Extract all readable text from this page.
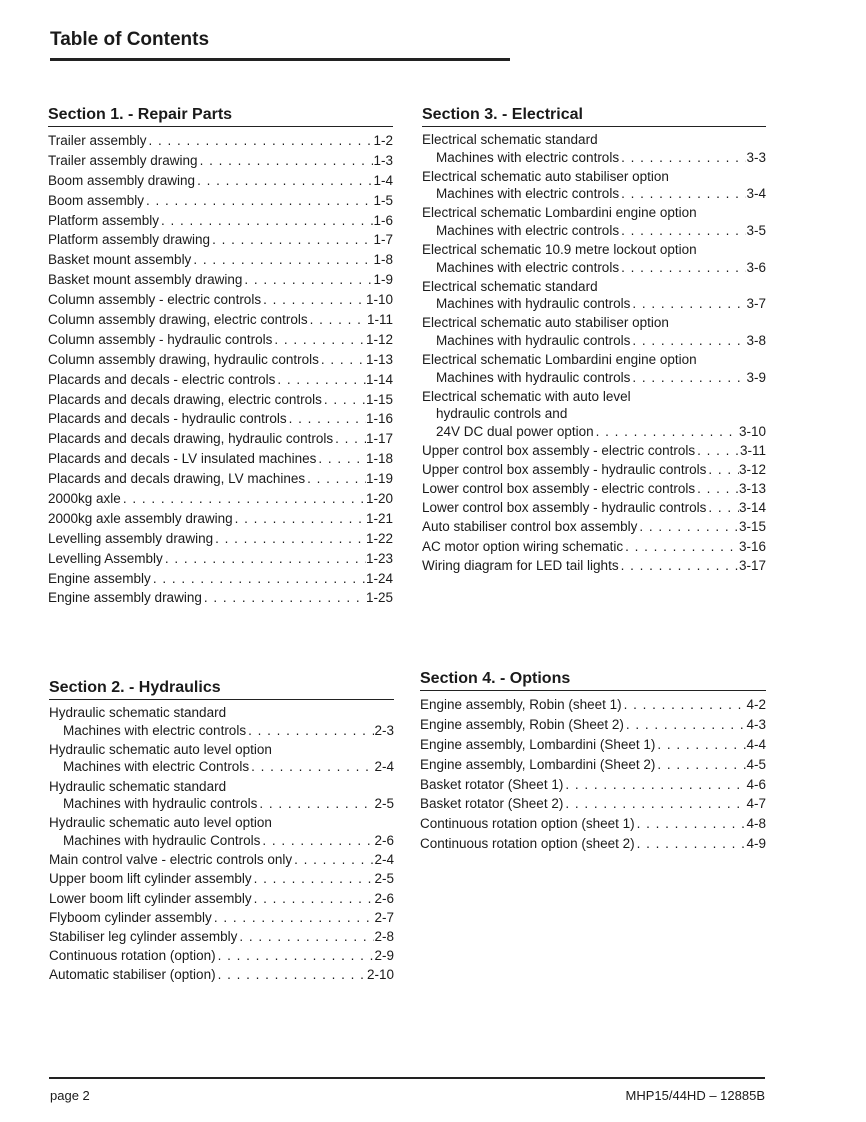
Table of Contents
Section 1. - Repair Parts
Trailer assembly . . .	1-2
Trailer assembly drawing . . .	1-3
Boom assembly drawing . . .	1-4
Boom assembly . . .	1-5
Platform assembly . . .	1-6
Platform assembly drawing . . .	1-7
Basket mount assembly . . .	1-8
Basket mount assembly drawing . . .	1-9
Column assembly - electric controls . . .	1-10
Column assembly drawing, electric controls . . .	1-11
Column assembly - hydraulic controls . . .	1-12
Column assembly drawing, hydraulic controls . . .	1-13
Placards and decals - electric controls . . .	1-14
Placards and decals drawing, electric controls . . .	1-15
Placards and decals - hydraulic controls . . .	1-16
Placards and decals drawing, hydraulic controls . . . 1-17
Placards and decals - LV insulated machines . . .	1-18
Placards and decals drawing, LV machines . . .	1-19
2000kg axle . . .	1-20
2000kg axle assembly drawing . . .	1-21
Levelling assembly drawing . . .	1-22
Levelling Assembly . . .	1-23
Engine assembly . . .	1-24
Engine assembly drawing . . .	1-25
Section 3. - Electrical
Electrical schematic standard
Machines with electric controls . . .	3-3
Electrical schematic auto stabiliser option
Machines with electric controls . . .	3-4
Electrical schematic Lombardini engine option
Machines with electric controls . . .	3-5
Electrical schematic 10.9 metre lockout option
Machines with electric controls . . .	3-6
Electrical schematic standard
Machines with hydraulic controls . . .	3-7
Electrical schematic auto stabiliser option
Machines with hydraulic controls . . .	3-8
Electrical schematic Lombardini engine option
Machines with hydraulic controls . . .	3-9
Electrical schematic with auto level
hydraulic controls and
24V DC dual power option . . .	3-10
Upper control box assembly - electric controls . . .	3-11
Upper control box assembly - hydraulic controls . . . 3-12
Lower control box assembly - electric controls . . .	3-13
Lower control box assembly - hydraulic controls . . . 3-14
Auto stabiliser control box assembly . . .	3-15
AC motor option wiring schematic . . .	3-16
Wiring diagram for LED tail lights . . .	3-17
Section 2. - Hydraulics
Hydraulic schematic standard
Machines with electric controls . . .	2-3
Hydraulic schematic auto level option
Machines with electric Controls . . .	2-4
Hydraulic schematic standard
Machines with hydraulic controls . . .	2-5
Hydraulic schematic auto level option
Machines with hydraulic Controls . . .	2-6
Main control valve - electric controls only . . .	2-4
Upper boom lift cylinder assembly . . .	2-5
Lower boom lift cylinder assembly . . .	2-6
Flyboom cylinder assembly . . .	2-7
Stabiliser leg cylinder assembly . . .	2-8
Continuous rotation (option) . . .	2-9
Automatic stabiliser (option) . . .	2-10
Section 4. - Options
Engine assembly, Robin (sheet 1) . . .	4-2
Engine assembly, Robin (Sheet 2) . . .	4-3
Engine assembly, Lombardini (Sheet 1) . . .	4-4
Engine assembly, Lombardini (Sheet 2) . . .	4-5
Basket rotator (Sheet 1) . . .	4-6
Basket rotator (Sheet 2) . . .	4-7
Continuous rotation option (sheet 1) . . .	4-8
Continuous rotation option (sheet 2) . . .	4-9
page 2	MHP15/44HD – 12885B
